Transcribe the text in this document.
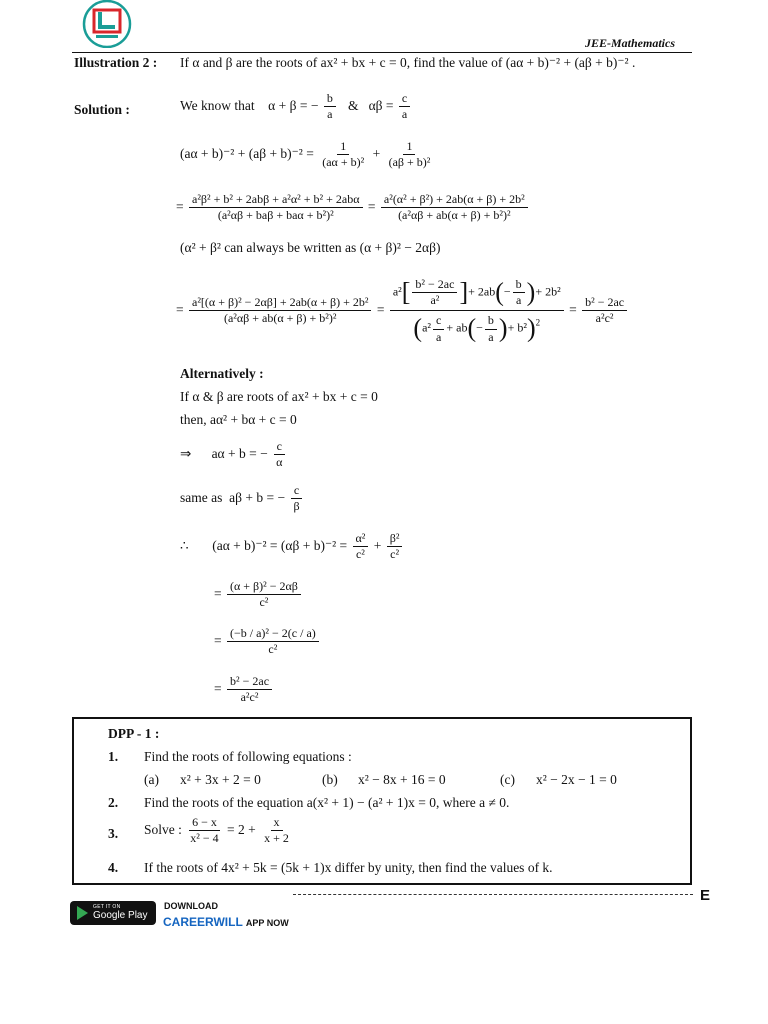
JEE-Mathematics
Illustration 2 : If α and β are the roots of ax² + bx + c = 0, find the value of (aα + b)⁻² + (aβ + b)⁻² .
Solution :	We know that α + β = − $\frac{b}{a}$ & $\alpha\beta = \frac{c}{a}$
$(a\alpha + b)^{-2} + (a\beta + b)^{-2} = \frac{1}{\text{(aα + b)²}} + \frac{1}{\text{(aβ + b)²}}$
= $\frac{\text{a²β² + b² + 2abβ + a²α² + b² + 2abα}}{\text{(a²αβ + baβ + baα + b²)²}} = \frac{\text{a²(α² + β²) + 2ab(α + β) + 2b²}}{\text{(a²αβ + ab(α + β) + b²)²}}$
(α² + β² can always be written as (α + β)² − 2αβ)
= $\frac{\text{a²[(α + β)² − 2αβ] + 2ab(α + β) + 2b²}}{\text{(a²αβ + ab(α + β) + b²)²}} = \frac{a^2[ \frac{\text{b² − 2ac}}{\text{a²}} ]+ 2ab(- \frac{b}{a} )+ 2b^2}{(a^2 \frac{c}{a} + ab(- \frac{b}{a} )+ b^2)^2} = \frac{\text{b² − 2ac}}{\text{a²c²}}$
Alternatively :
If α & β are roots of ax² + bx + c = 0
then, aα² + bα + c = 0
⇒ aα + b = − $\frac{c}{\alpha}$
same as aβ + b = − $\frac{c}{\beta}$
∴ $(a\alpha + b)^{-2} = (\alpha\beta + b)^{-2} = \frac{\text{α²}}{\text{c²}} + \frac{\text{β²}}{\text{c²}}$
= $\frac{\text{(α + β)² − 2αβ}}{\text{c²}}$
= $\frac{\text{(−b / a)² − 2(c / a)}}{\text{c²}}$
= $\frac{\text{b² − 2ac}}{\text{a²c²}}$
DPP - 1 :
1. Find the roots of following equations :
(a) x² + 3x + 2 = 0	(b) x² − 8x + 16 = 0	(c) x² − 2x − 1 = 0
2. Find the roots of the equation a(x² + 1) − (a² + 1)x = 0, where a ≠ 0.
3. Solve : $\frac{6 - x}{\text{x² − 4}} = 2 + \frac{x}{x + 2}$
4. If the roots of 4x² + 5k = (5k + 1)x differ by unity, then find the values of k.
E
GET IT ON
Google Play
DOWNLOAD
CAREERWILL APP NOW
